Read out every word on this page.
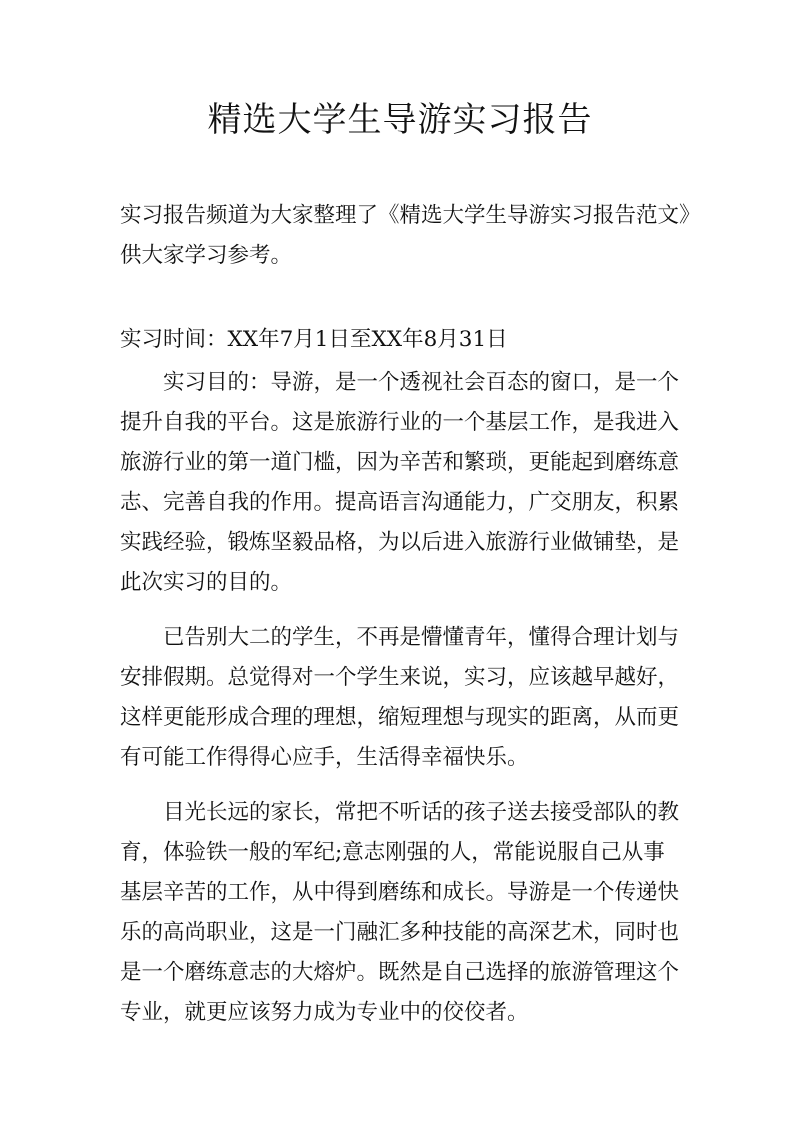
精选大学生导游实习报告
实习报告频道为大家整理了《精选大学生导游实习报告范文》
供大家学习参考。
实习时间：XX年7月1日至XX年8月31日
　　实习目的：导游，是一个透视社会百态的窗口，是一个
提升自我的平台。这是旅游行业的一个基层工作，是我进入
旅游行业的第一道门槛，因为辛苦和繁琐，更能起到磨练意
志、完善自我的作用。提高语言沟通能力，广交朋友，积累
实践经验，锻炼坚毅品格，为以后进入旅游行业做铺垫，是
此次实习的目的。
　　已告别大二的学生，不再是懵懂青年，懂得合理计划与
安排假期。总觉得对一个学生来说，实习，应该越早越好，
这样更能形成合理的理想，缩短理想与现实的距离，从而更
有可能工作得得心应手，生活得幸福快乐。
　　目光长远的家长，常把不听话的孩子送去接受部队的教
育，体验铁一般的军纪;意志刚强的人，常能说服自己从事
基层辛苦的工作，从中得到磨练和成长。导游是一个传递快
乐的高尚职业，这是一门融汇多种技能的高深艺术，同时也
是一个磨练意志的大熔炉。既然是自己选择的旅游管理这个
专业，就更应该努力成为专业中的佼佼者。
